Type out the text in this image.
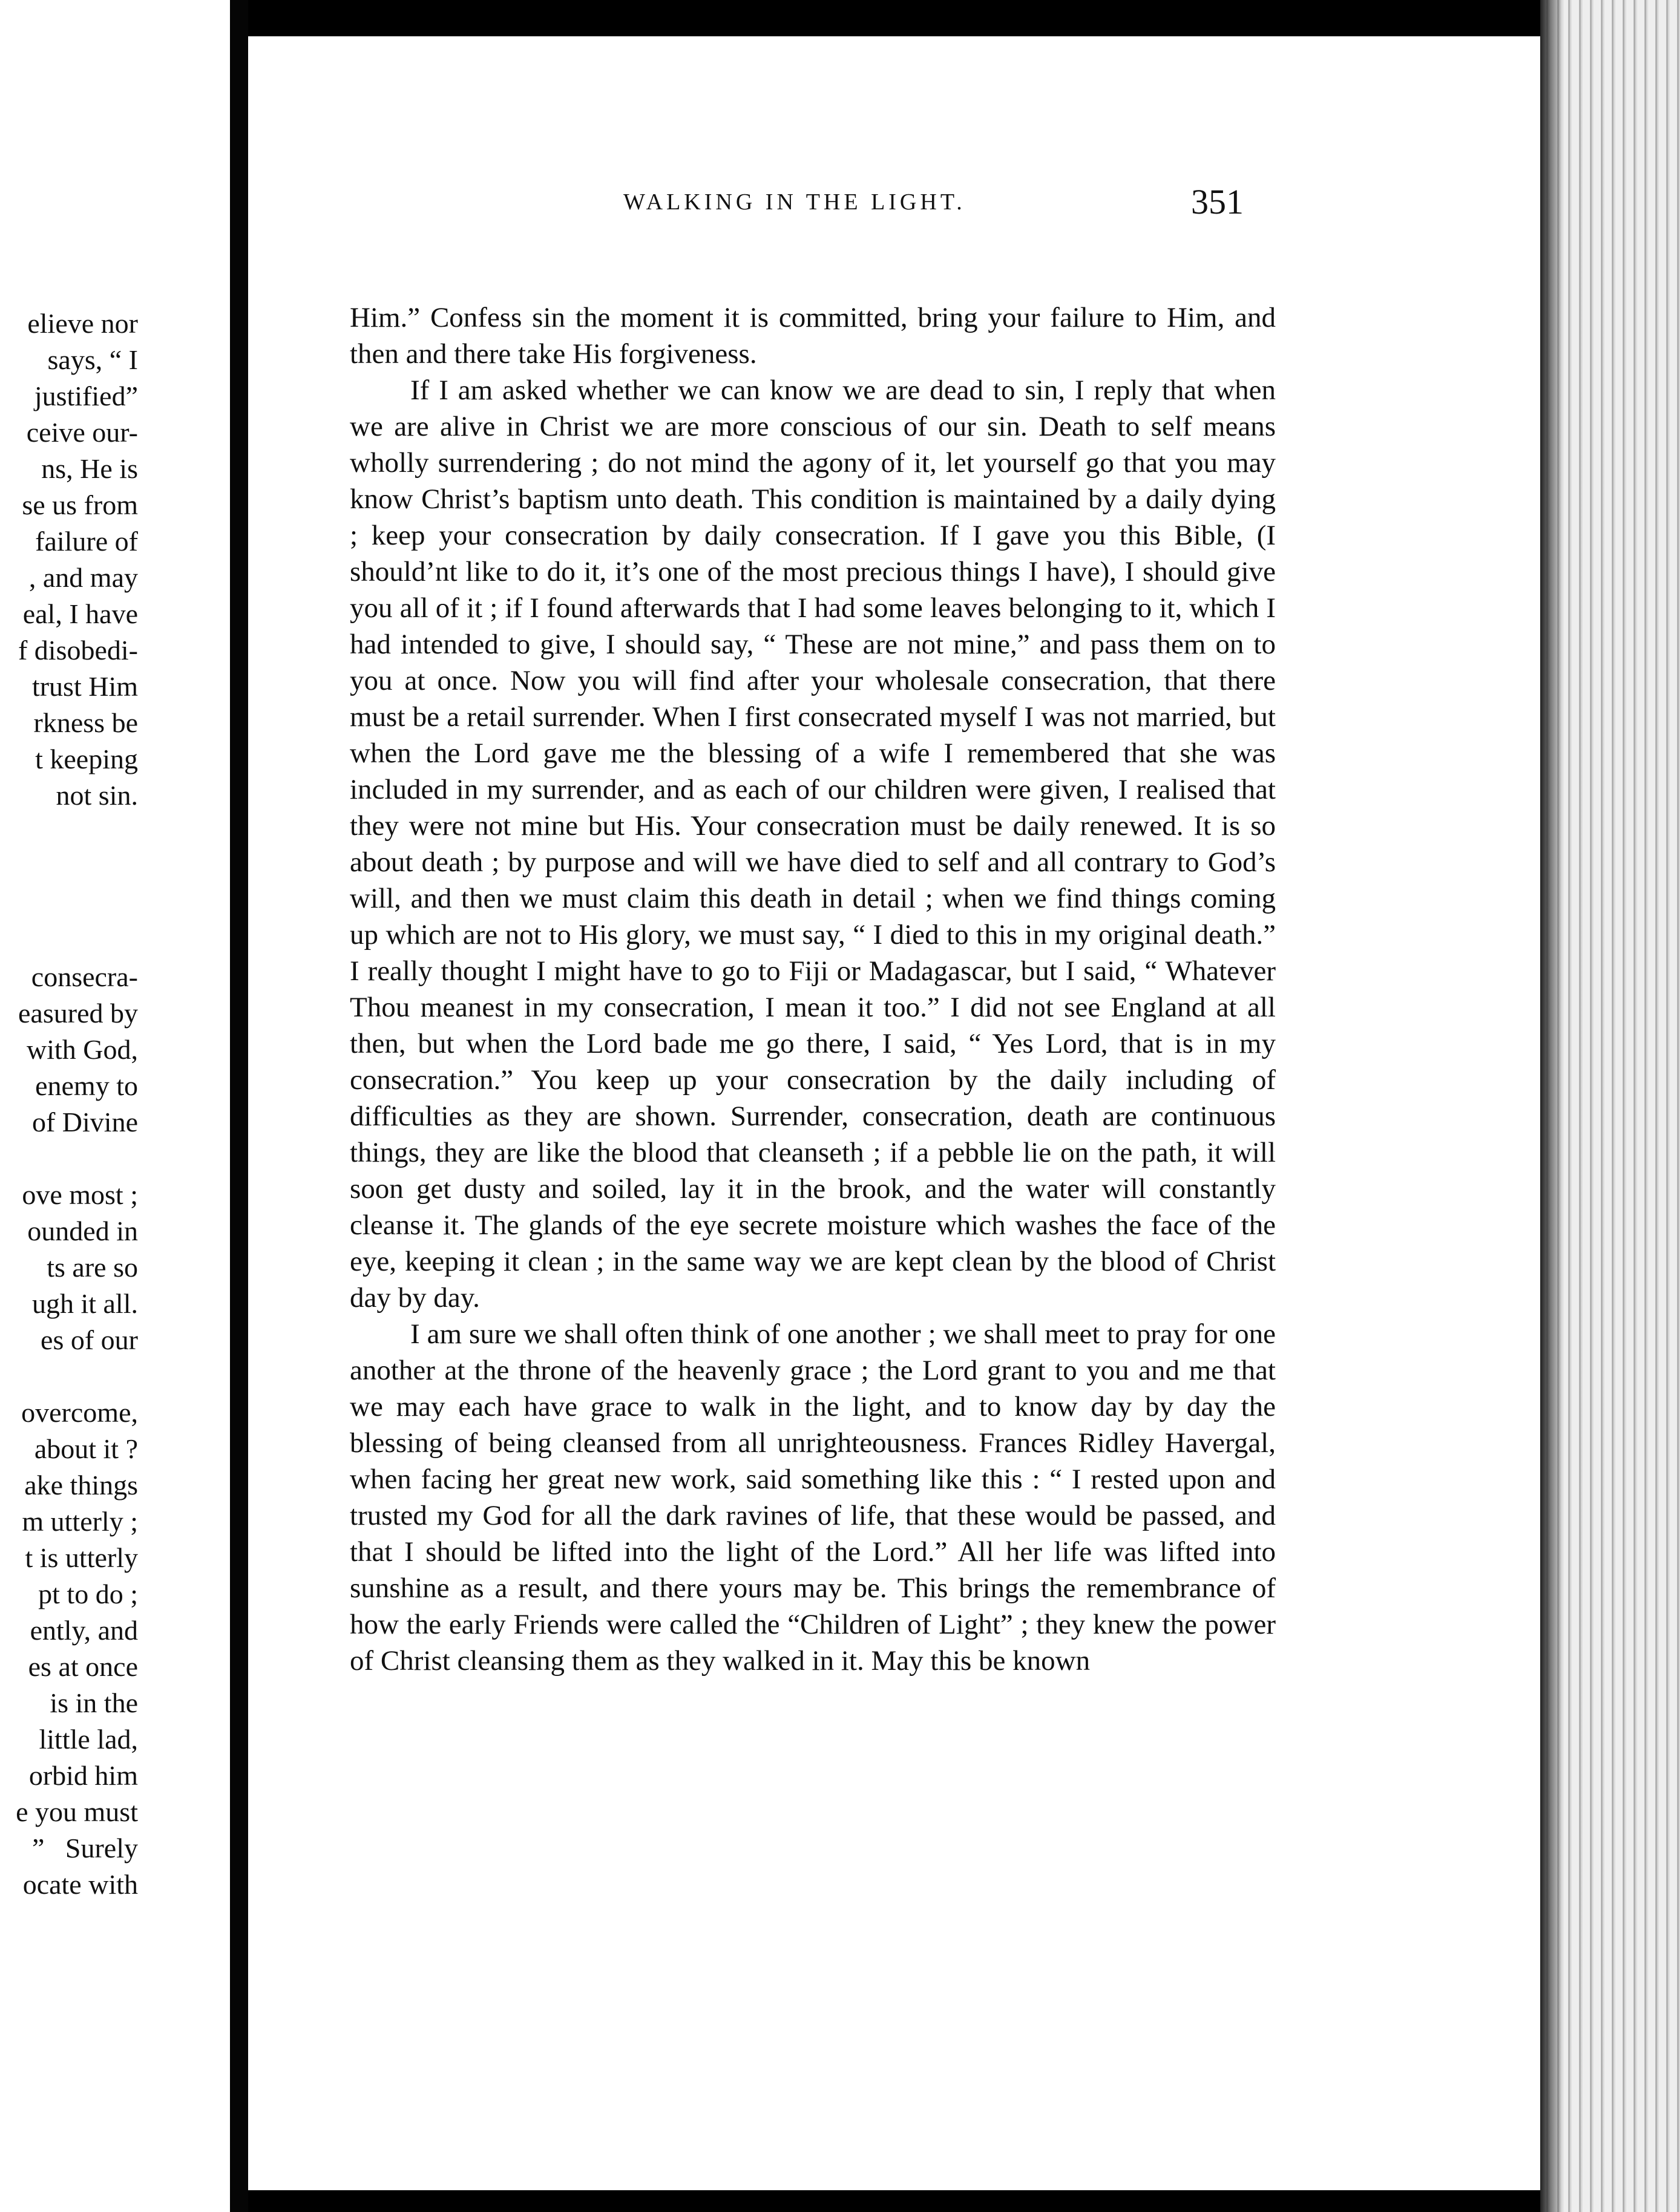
elieve nor
says, “ I
justified”
ceive our-
ns, He is
se us from
failure of
, and may
eal, I have
f disobedi-
trust Him
rkness be
t keeping
not sin.

consecra-
easured by
with God,
enemy to
of Divine

ove most ;
ounded in
ts are so
ugh it all.
es of our

overcome,
about it ?
ake things
m utterly ;
t is utterly
pt to do ;
ently, and
es at once
is in the
little lad,
orbid him
e you must
”   Surely
ocate with
WALKING IN THE LIGHT.	351

Him.” Confess sin the moment it is committed, bring your failure to Him, and then and there take His forgiveness.

If I am asked whether we can know we are dead to sin, I reply that when we are alive in Christ we are more conscious of our sin. Death to self means wholly surrendering ; do not mind the agony of it, let yourself go that you may know Christ’s baptism unto death. This condition is maintained by a daily dying ; keep your consecration by daily consecration. If I gave you this Bible, (I should’nt like to do it, it’s one of the most precious things I have), I should give you all of it ; if I found afterwards that I had some leaves belonging to it, which I had intended to give, I should say, “ These are not mine,” and pass them on to you at once. Now you will find after your wholesale consecration, that there must be a retail surrender. When I first consecrated myself I was not married, but when the Lord gave me the blessing of a wife I remembered that she was included in my surrender, and as each of our children were given, I realised that they were not mine but His. Your consecration must be daily renewed. It is so about death ; by purpose and will we have died to self and all contrary to God’s will, and then we must claim this death in detail ; when we find things coming up which are not to His glory, we must say, “ I died to this in my original death.” I really thought I might have to go to Fiji or Madagascar, but I said, “ Whatever Thou meanest in my consecration, I mean it too.” I did not see England at all then, but when the Lord bade me go there, I said, “ Yes Lord, that is in my consecration.” You keep up your consecration by the daily including of difficulties as they are shown. Surrender, consecration, death are continuous things, they are like the blood that cleanseth ; if a pebble lie on the path, it will soon get dusty and soiled, lay it in the brook, and the water will constantly cleanse it. The glands of the eye secrete moisture which washes the face of the eye, keeping it clean ; in the same way we are kept clean by the blood of Christ day by day.

I am sure we shall often think of one another ; we shall meet to pray for one another at the throne of the heavenly grace ; the Lord grant to you and me that we may each have grace to walk in the light, and to know day by day the blessing of being cleansed from all unrighteousness. Frances Ridley Havergal, when facing her great new work, said something like this : “ I rested upon and trusted my God for all the dark ravines of life, that these would be passed, and that I should be lifted into the light of the Lord.” All her life was lifted into sunshine as a result, and there yours may be. This brings the remembrance of how the early Friends were called the “Children of Light” ; they knew the power of Christ cleansing them as they walked in it. May this be known
